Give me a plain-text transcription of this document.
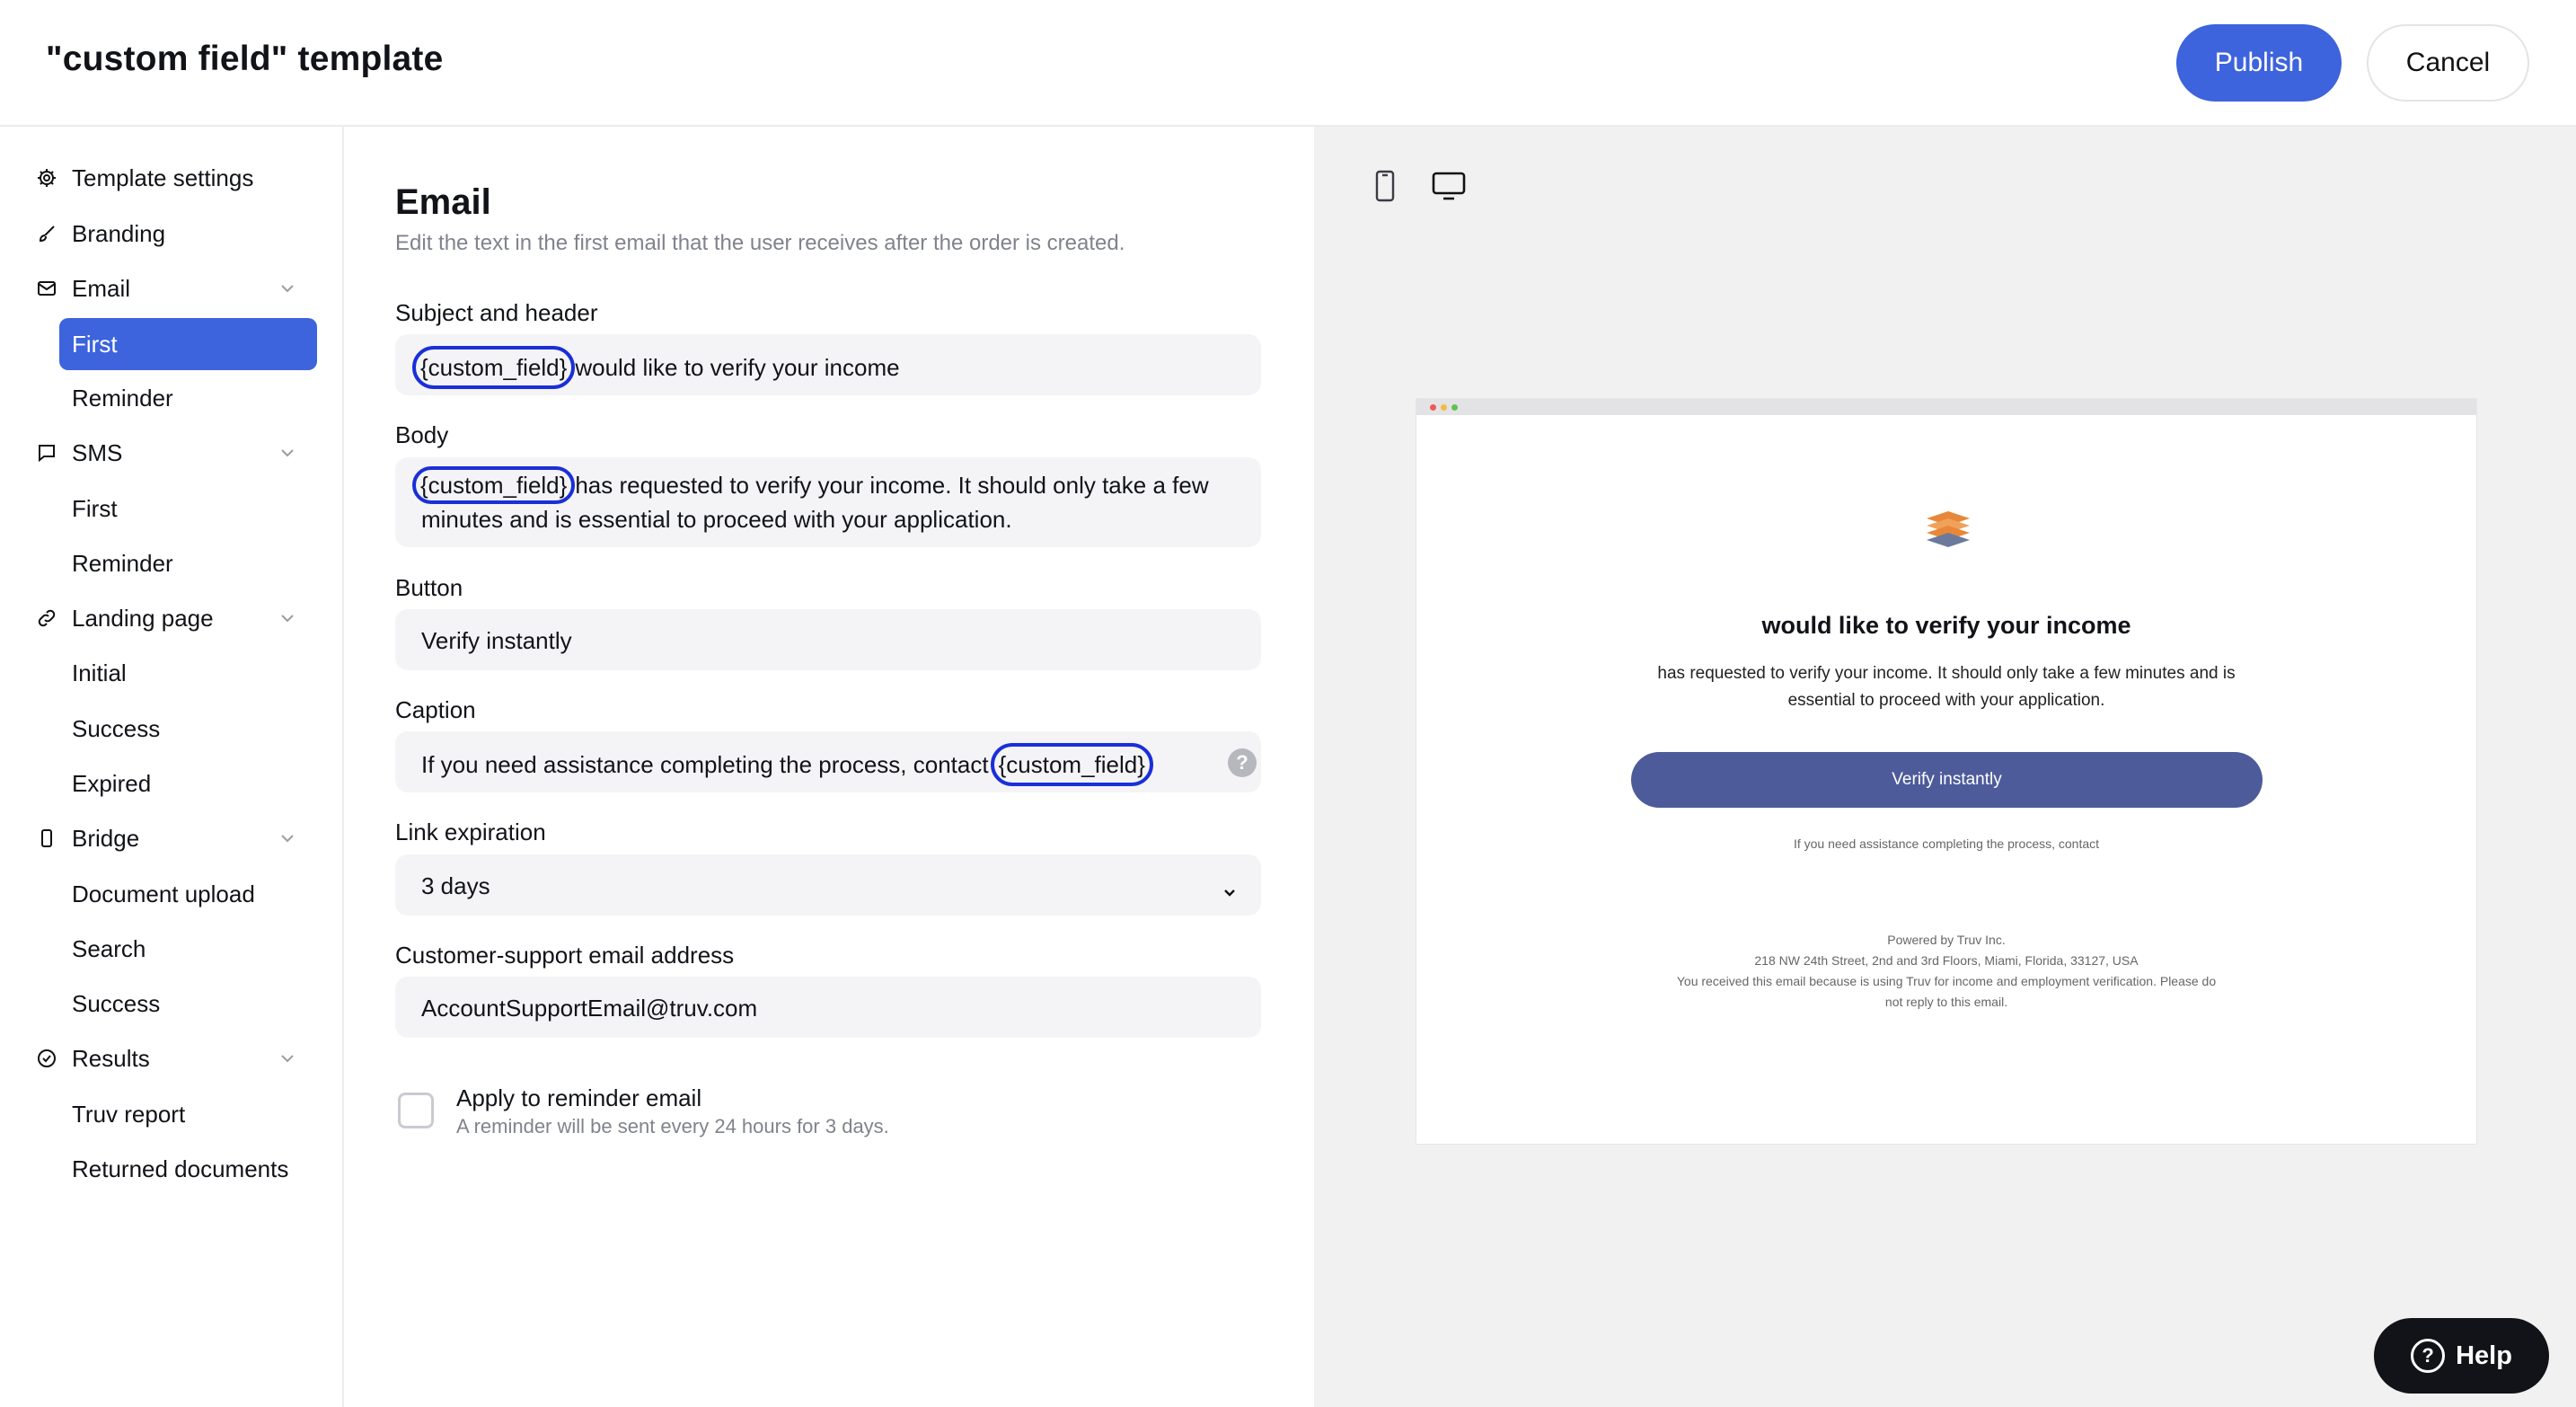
"custom field" template	Publish	Cancel
Template settings
Branding
Email
First
Reminder
SMS
First
Reminder
Landing page
Initial
Success
Expired
Bridge
Document upload
Search
Success
Results
Truv report
Returned documents
Email
Edit the text in the first email that the user receives after the order is created.
Subject and header
{custom_field} would like to verify your income
Body
{custom_field} has requested to verify your income. It should only take a few
minutes and is essential to proceed with your application.
Button
Verify instantly
Caption
If you need assistance completing the process, contact {custom_field}	?
Link expiration
3 days
Customer-support email address
AccountSupportEmail@truv.com
Apply to reminder email
A reminder will be sent every 24 hours for 3 days.
would like to verify your income
has requested to verify your income. It should only take a few minutes and is
essential to proceed with your application.
Verify instantly
If you need assistance completing the process, contact
Powered by Truv Inc.
218 NW 24th Street, 2nd and 3rd Floors, Miami, Florida, 33127, USA
You received this email because is using Truv for income and employment verification. Please do
not reply to this email.
? Help
